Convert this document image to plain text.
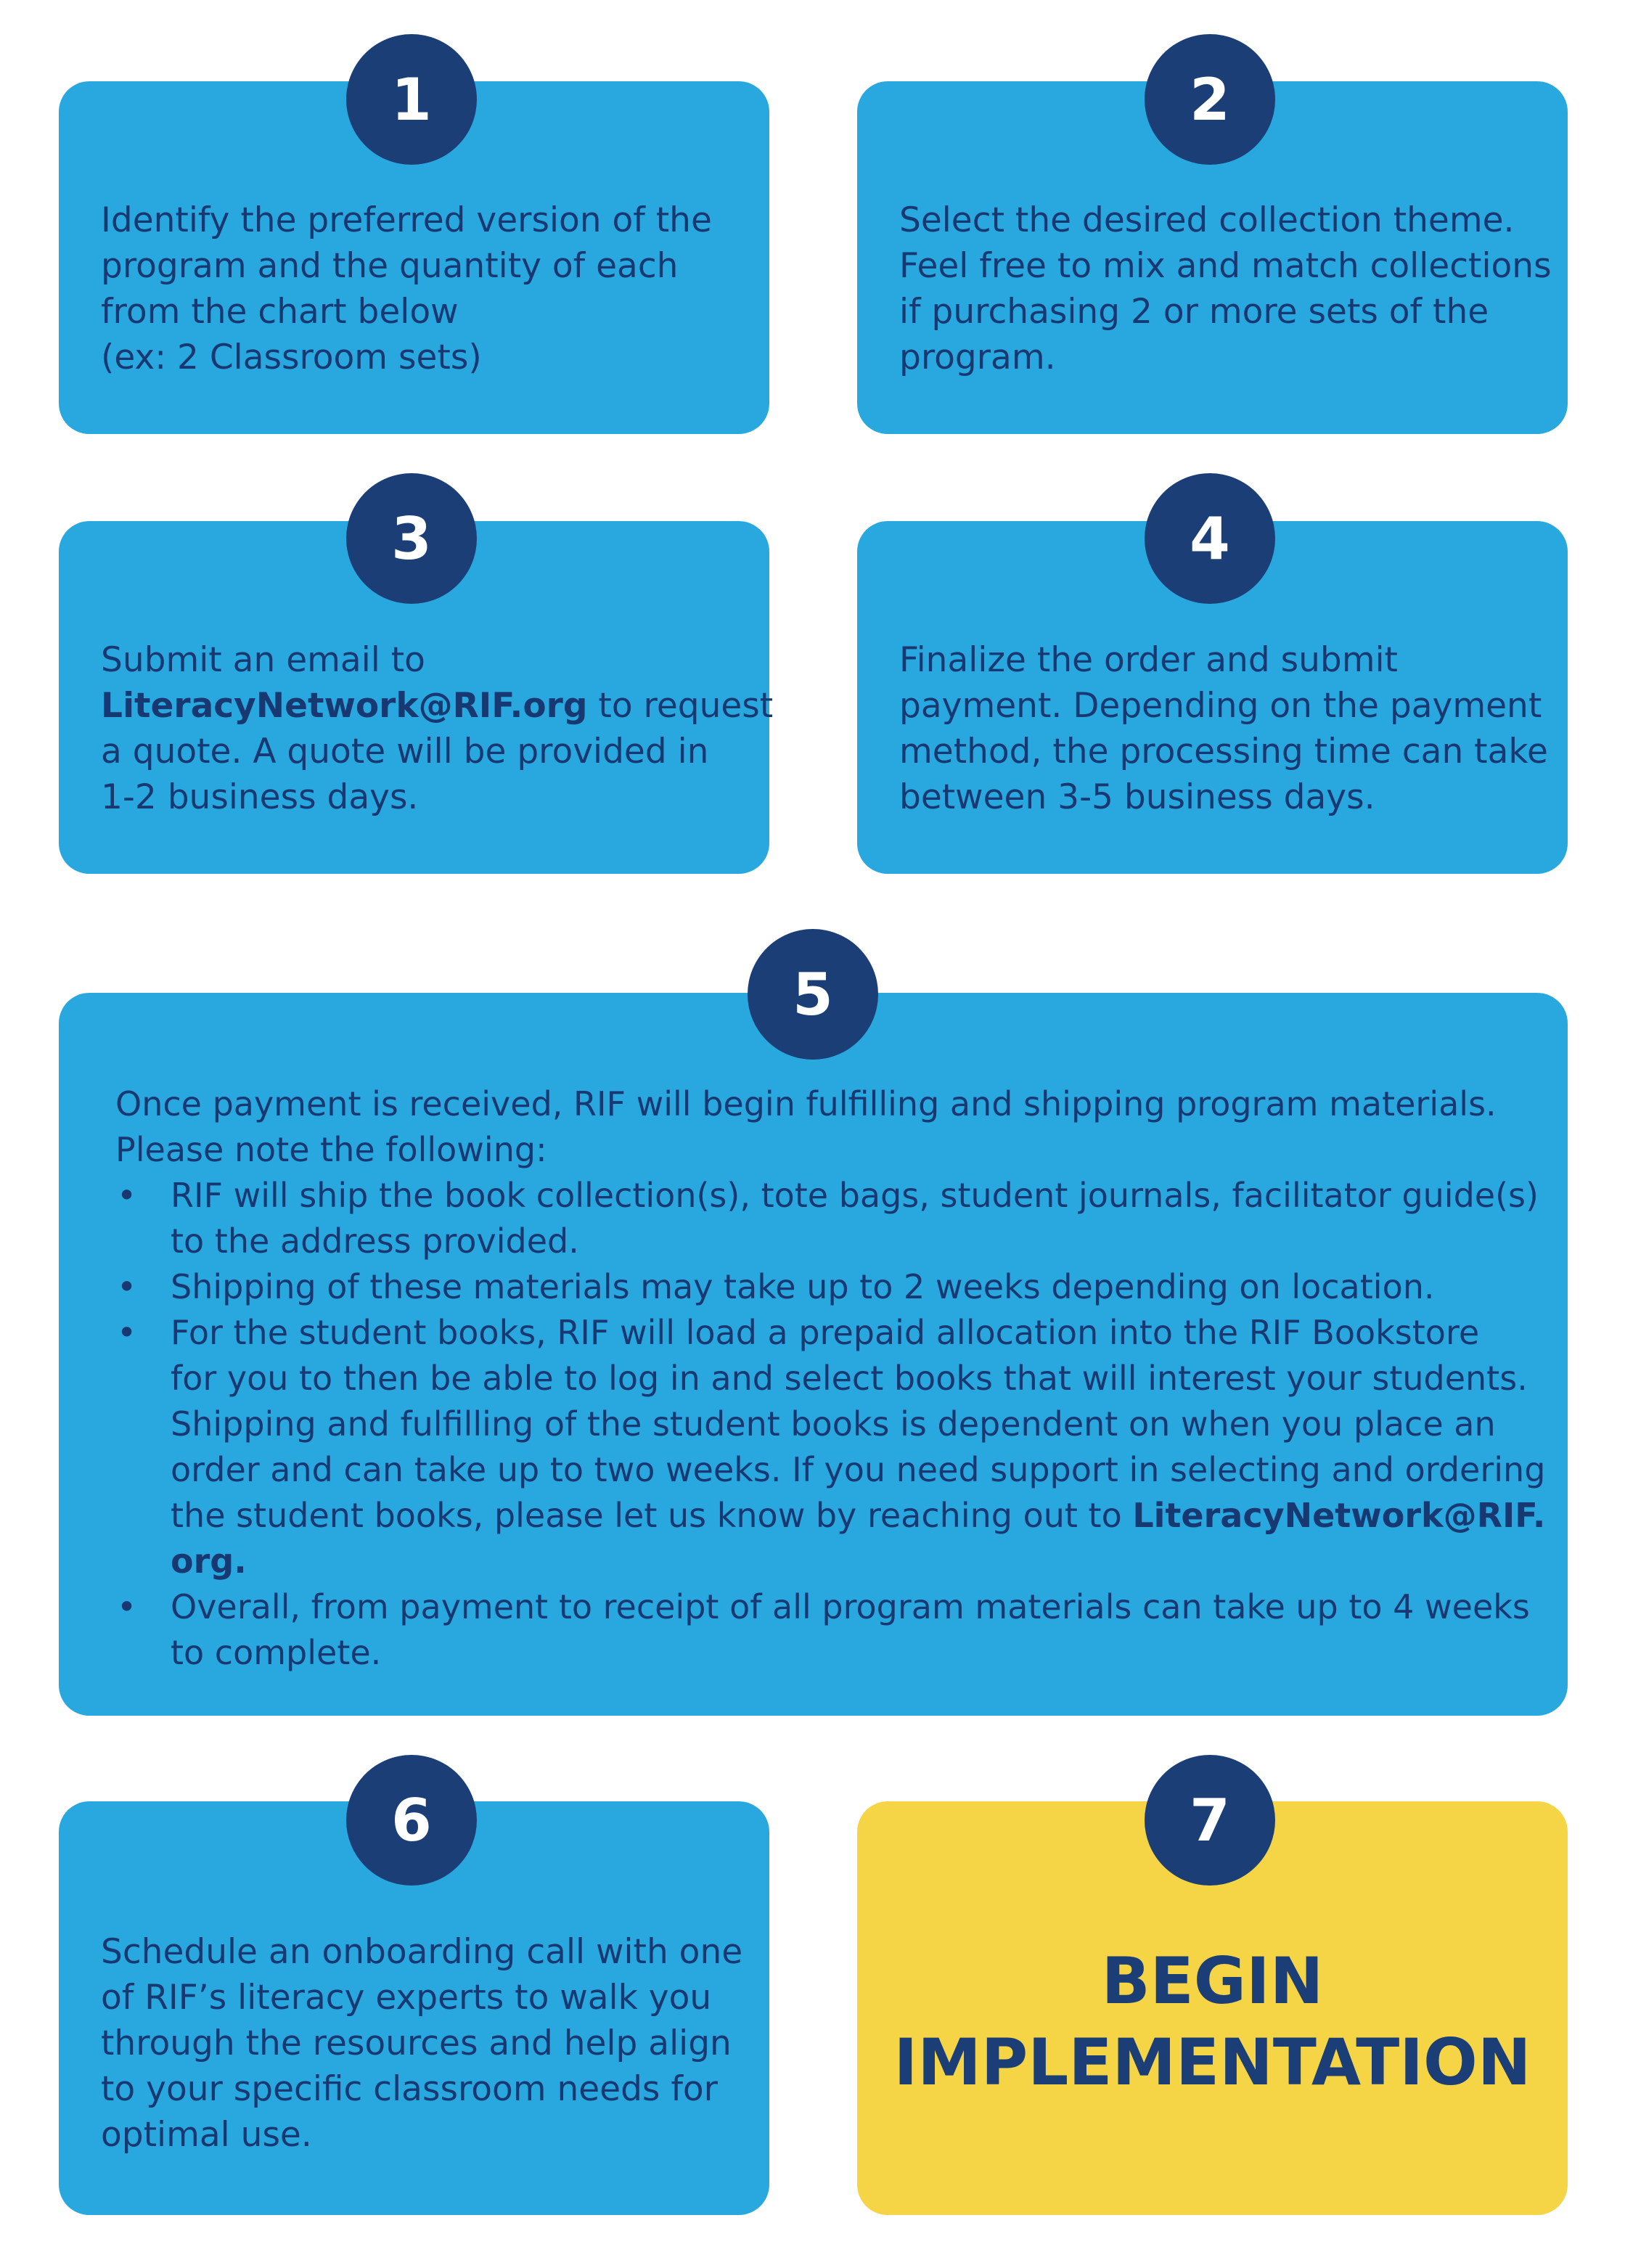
Identify the preferred version of the
program and the quantity of each
from the chart below
(ex: 2 Classroom sets)
1
Select the desired collection theme.
Feel free to mix and match collections
if purchasing 2 or more sets of the
program.
2
Submit an email to
LiteracyNetwork@RIF.org to request
a quote. A quote will be provided in
1-2 business days.
3
Finalize the order and submit
payment. Depending on the payment
method, the processing time can take
between 3-5 business days.
4
Once payment is received, RIF will begin fulfilling and shipping program materials.
Please note the following:
• RIF will ship the book collection(s), tote bags, student journals, facilitator guide(s)
to the address provided.
• Shipping of these materials may take up to 2 weeks depending on location.
• For the student books, RIF will load a prepaid allocation into the RIF Bookstore
for you to then be able to log in and select books that will interest your students.
Shipping and fulfilling of the student books is dependent on when you place an
order and can take up to two weeks. If you need support in selecting and ordering
the student books, please let us know by reaching out to LiteracyNetwork@RIF.
org.
• Overall, from payment to receipt of all program materials can take up to 4 weeks
to complete.
5
Schedule an onboarding call with one
of RIF’s literacy experts to walk you
through the resources and help align
to your specific classroom needs for
optimal use.
6
BEGIN
IMPLEMENTATION
7
